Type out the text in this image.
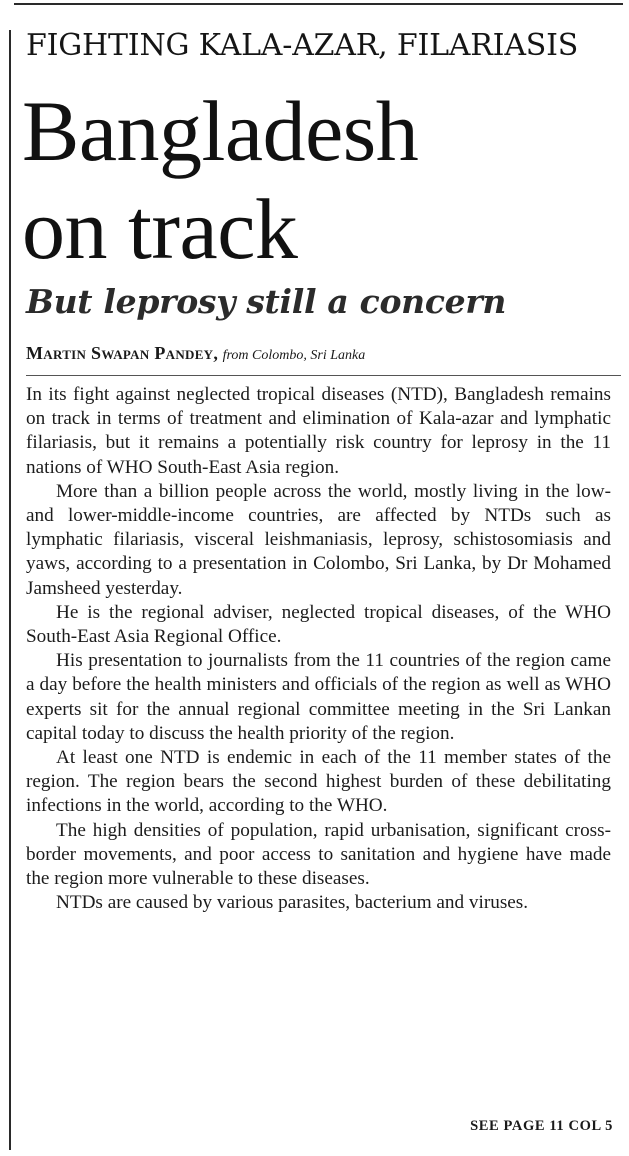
FIGHTING KALA-AZAR, FILARIASIS
Bangladesh
on track
But leprosy still a concern
Martin Swapan Pandey, from Colombo, Sri Lanka

In its fight against neglected tropical diseases (NTD), Bangladesh remains on track in terms of treatment and elimination of Kala-azar and lymphatic filariasis, but it remains a potentially risk country for leprosy in the 11 nations of WHO South-East Asia region.

More than a billion people across the world, mostly living in the low- and lower-middle-income countries, are affected by NTDs such as lymphatic filariasis, visceral leishmaniasis, leprosy, schistosomiasis and yaws, according to a presentation in Colombo, Sri Lanka, by Dr Mohamed Jamsheed yesterday.

He is the regional adviser, neglected tropical diseases, of the WHO South-East Asia Regional Office.

His presentation to journalists from the 11 countries of the region came a day before the health ministers and officials of the region as well as WHO experts sit for the annual regional committee meeting in the Sri Lankan capital today to discuss the health priority of the region.

At least one NTD is endemic in each of the 11 member states of the region. The region bears the second highest burden of these debilitating infections in the world, according to the WHO.

The high densities of population, rapid urbanisation, significant cross-border movements, and poor access to sanitation and hygiene have made the region more vulnerable to these diseases.

NTDs are caused by various parasites, bacterium and viruses.

SEE PAGE 11 COL 5
